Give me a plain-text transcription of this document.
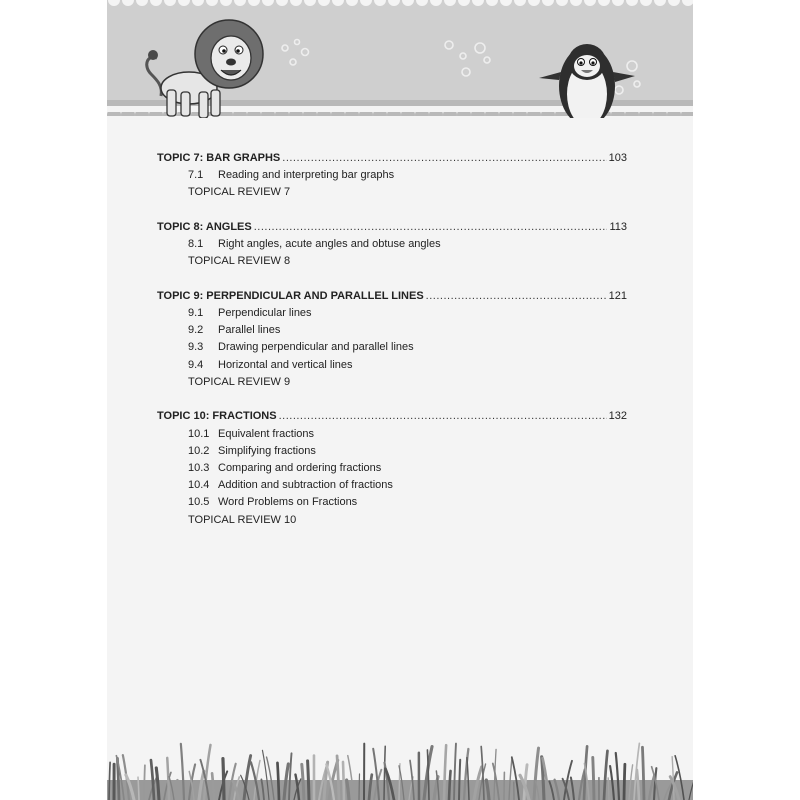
TOPIC 7: BAR GRAPHS .....	103
7.1	Reading and interpreting bar graphs
TOPICAL REVIEW 7
TOPIC 8: ANGLES .....	113
8.1	Right angles, acute angles and obtuse angles
TOPICAL REVIEW 8
TOPIC 9: PERPENDICULAR AND PARALLEL LINES .....	121
9.1	Perpendicular lines
9.2	Parallel lines
9.3	Drawing perpendicular and parallel lines
9.4	Horizontal and vertical lines
TOPICAL REVIEW 9
TOPIC 10: FRACTIONS .....	132
10.1 Equivalent fractions
10.2 Simplifying fractions
10.3 Comparing and ordering fractions
10.4 Addition and subtraction of fractions
10.5 Word Problems on Fractions
TOPICAL REVIEW 10
